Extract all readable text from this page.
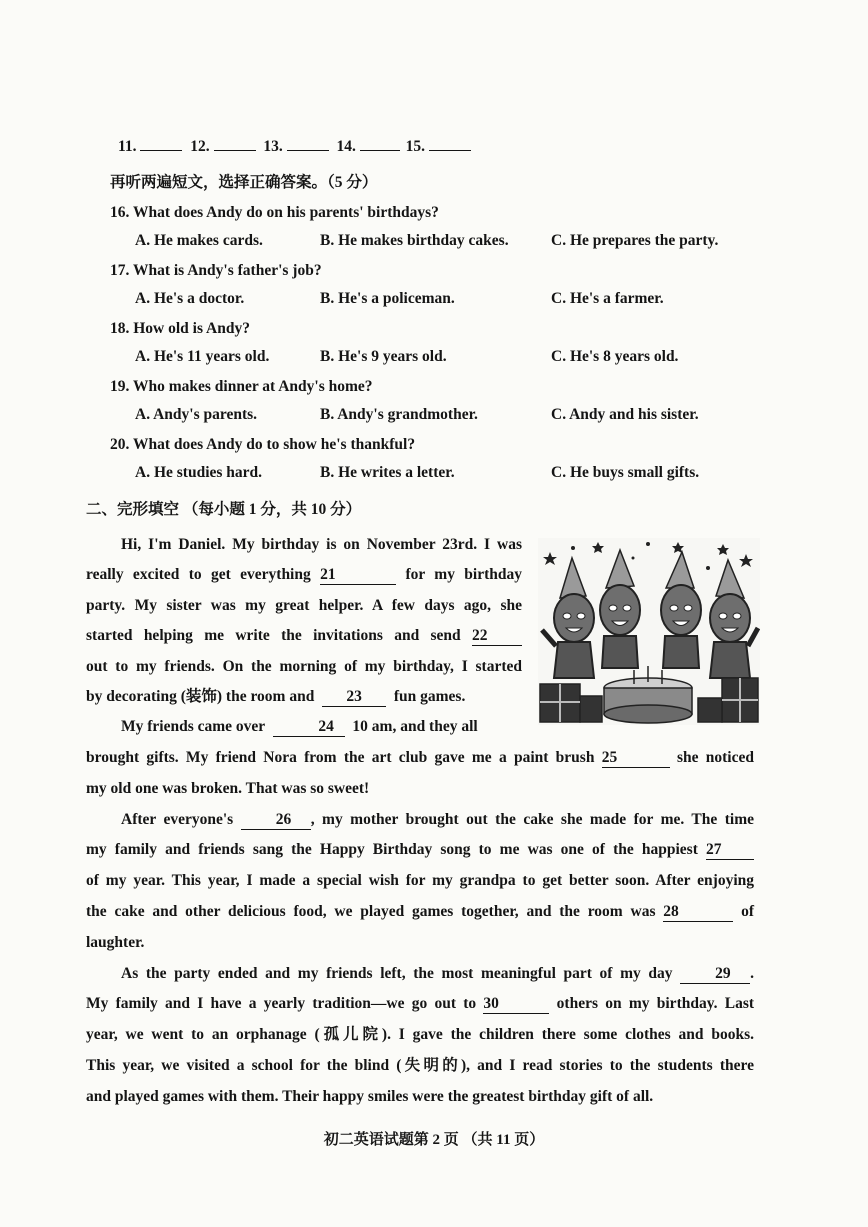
11.	12.	13.	14.	15.
再听两遍短文，选择正确答案。（5 分）
16. What does Andy do on his parents' birthdays?
A. He makes cards.	B. He makes birthday cakes.	C. He prepares the party.
17. What is Andy's father's job?
A. He's a doctor.	B. He's a policeman.	C. He's a farmer.
18. How old is Andy?
A. He's 11 years old.	B. He's 9 years old.	C. He's 8 years old.
19. Who makes dinner at Andy's home?
A. Andy's parents.	B. Andy's grandmother.	C. Andy and his sister.
20. What does Andy do to show he's thankful?
A. He studies hard.	B. He writes a letter.	C. He buys small gifts.
二、完形填空 （每小题 1 分，共 10 分）
Hi, I'm Daniel. My birthday is on November 23rd. I was
really excited to get everything 21	for my birthday
party. My sister was my great helper. A few days ago, she
started helping me write the invitations and send 22
out to my friends. On the morning of my birthday, I started
by decorating (装饰) the room and 23 fun games.
My friends came over	24 10 am, and they all
brought gifts. My friend Nora from the art club gave me a paint brush 25	she noticed
my old one was broken. That was so sweet!
After everyone's	26 , my mother brought out the cake she made for me. The time
my family and friends sang the Happy Birthday song to me was one of the happiest 27
of my year. This year, I made a special wish for my grandpa to get better soon. After enjoying
the cake and other delicious food, we played games together, and the room was 28	of
laughter.
As the party ended and my friends left, the most meaningful part of my day	29 .
My family and I have a yearly tradition—we go out to 30	others on my birthday. Last
year, we went to an orphanage (孤儿院). I gave the children there some clothes and books.
This year, we visited a school for the blind (失明的), and I read stories to the students there
and played games with them. Their happy smiles were the greatest birthday gift of all.
初二英语试题第 2 页 （共 11 页）
